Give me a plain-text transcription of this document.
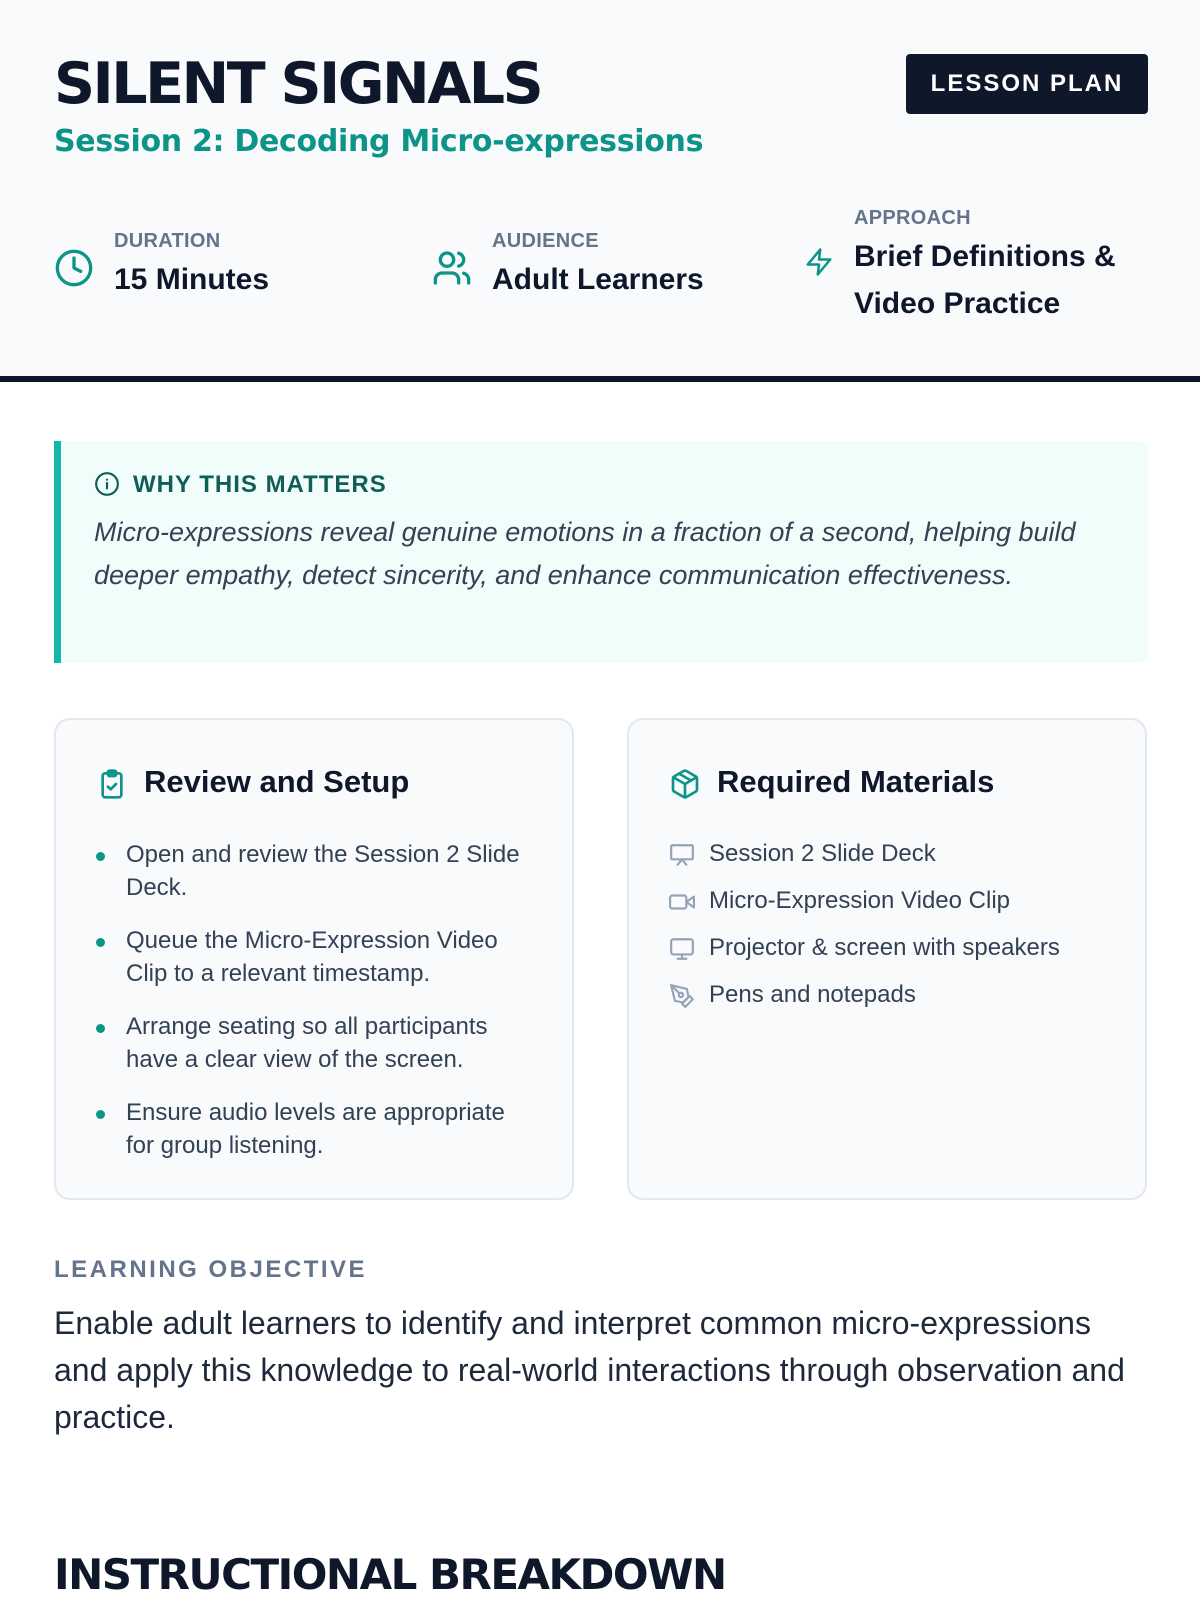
SILENT SIGNALS
Session 2: Decoding Micro-expressions
LESSON PLAN
DURATION
15 Minutes
AUDIENCE
Adult Learners
APPROACH
Brief Definitions & Video Practice
WHY THIS MATTERS
Micro-expressions reveal genuine emotions in a fraction of a second, helping build deeper empathy, detect sincerity, and enhance communication effectiveness.
Review and Setup
Open and review the Session 2 Slide Deck.
Queue the Micro-Expression Video Clip to a relevant timestamp.
Arrange seating so all participants have a clear view of the screen.
Ensure audio levels are appropriate for group listening.
Required Materials
Session 2 Slide Deck
Micro-Expression Video Clip
Projector & screen with speakers
Pens and notepads
LEARNING OBJECTIVE
Enable adult learners to identify and interpret common micro-expressions and apply this knowledge to real-world interactions through observation and practice.
INSTRUCTIONAL BREAKDOWN
